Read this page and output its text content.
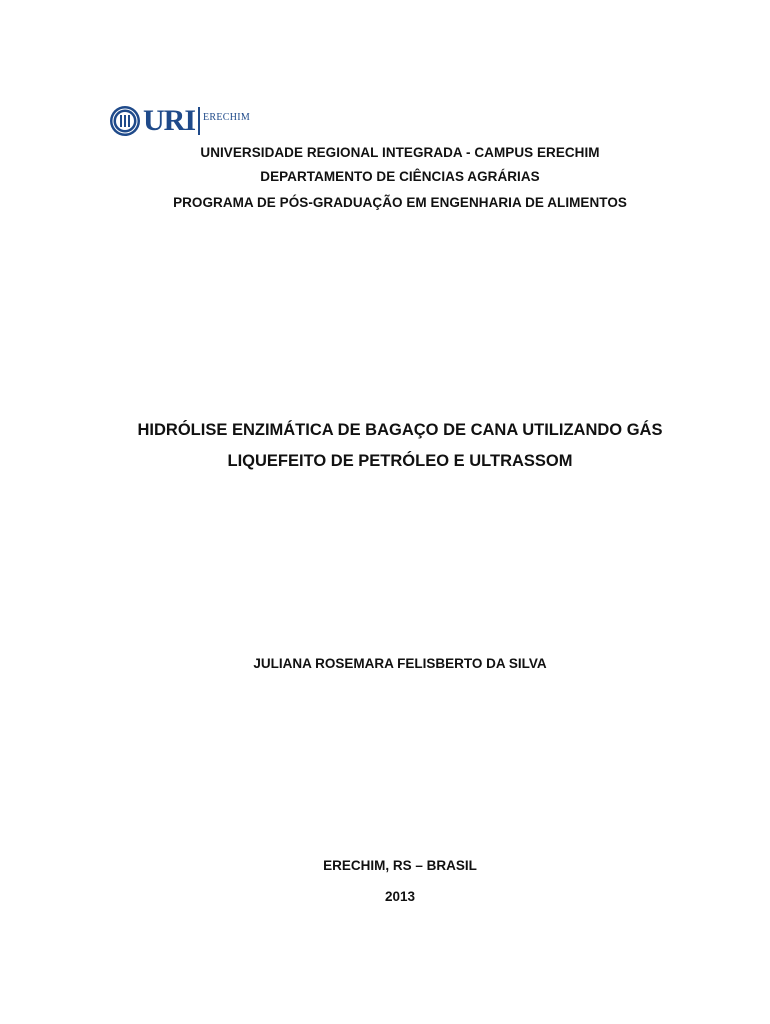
URI ERECHIM
UNIVERSIDADE REGIONAL INTEGRADA - CAMPUS ERECHIM
DEPARTAMENTO DE CIÊNCIAS AGRÁRIAS
PROGRAMA DE PÓS-GRADUAÇÃO EM ENGENHARIA DE ALIMENTOS
HIDRÓLISE ENZIMÁTICA DE BAGAÇO DE CANA UTILIZANDO GÁS
LIQUEFEITO DE PETRÓLEO E ULTRASSOM
JULIANA ROSEMARA FELISBERTO DA SILVA
ERECHIM, RS – BRASIL
2013
